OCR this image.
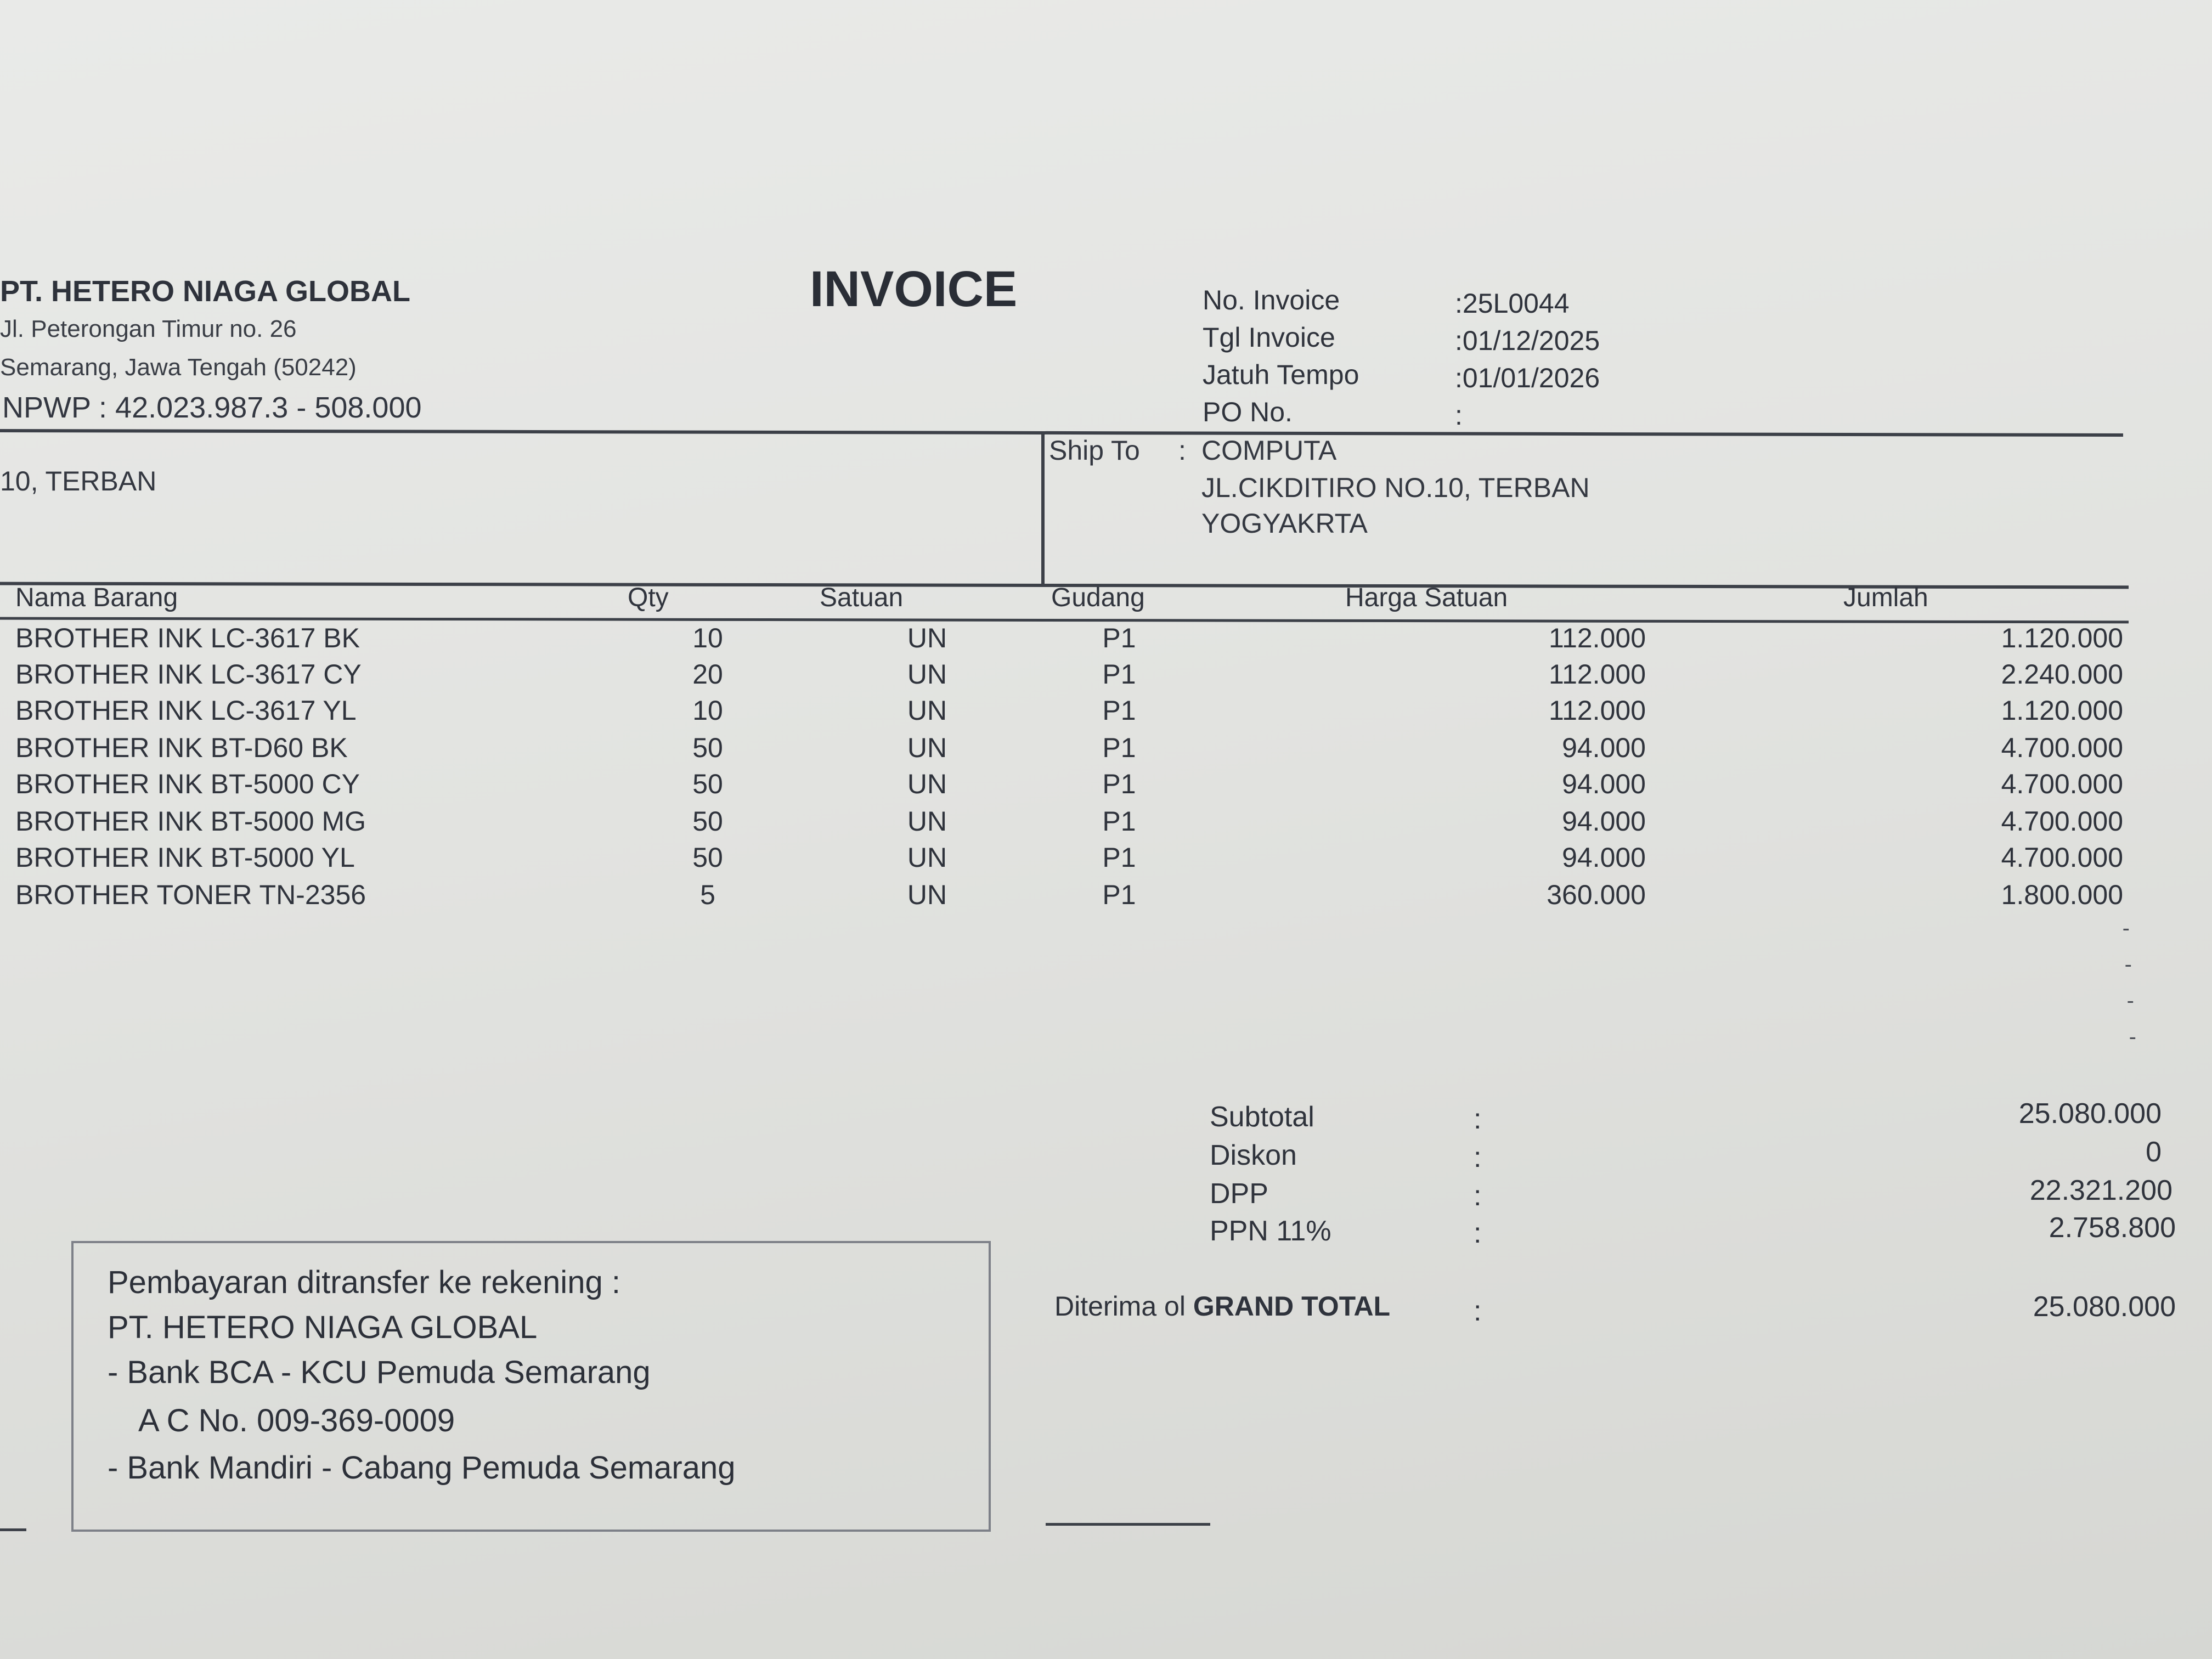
PT. HETERO NIAGA GLOBAL
Jl. Peterongan Timur no. 26
Semarang, Jawa Tengah (50242)
NPWP : 42.023.987.3 - 508.000
INVOICE	No. Invoice	:25L0044
Tgl Invoice	:01/12/2025
Jatuh Tempo	:01/01/2026
PO No.	:
10, TERBAN
Ship To : COMPUTA
JL.CIKDITIRO NO.10, TERBAN
YOGYAKRTA
Nama Barang	Qty	Satuan	Gudang	Harga Satuan	Jumlah
BROTHER INK LC-3617 BK	10	UN	P1	112.000	1.120.000
BROTHER INK LC-3617 CY	20	UN	P1	112.000	2.240.000
BROTHER INK LC-3617 YL	10	UN	P1	112.000	1.120.000
BROTHER INK BT-D60 BK	50	UN	P1	94.000	4.700.000
BROTHER INK BT-5000 CY	50	UN	P1	94.000	4.700.000
BROTHER INK BT-5000 MG	50	UN	P1	94.000	4.700.000
BROTHER INK BT-5000 YL	50	UN	P1	94.000	4.700.000
BROTHER TONER TN-2356	5	UN	P1	360.000	1.800.000
-
-
-
-
Subtotal	:	25.080.000
Diskon	:	0
DPP	:	22.321.200
PPN 11%	:	2.758.800
Diterima ol GRAND TOTAL	:	25.080.000
Pembayaran ditransfer ke rekening :
PT. HETERO NIAGA GLOBAL
- Bank BCA - KCU Pemuda Semarang
A C No. 009-369-0009
- Bank Mandiri - Cabang Pemuda Semarang
